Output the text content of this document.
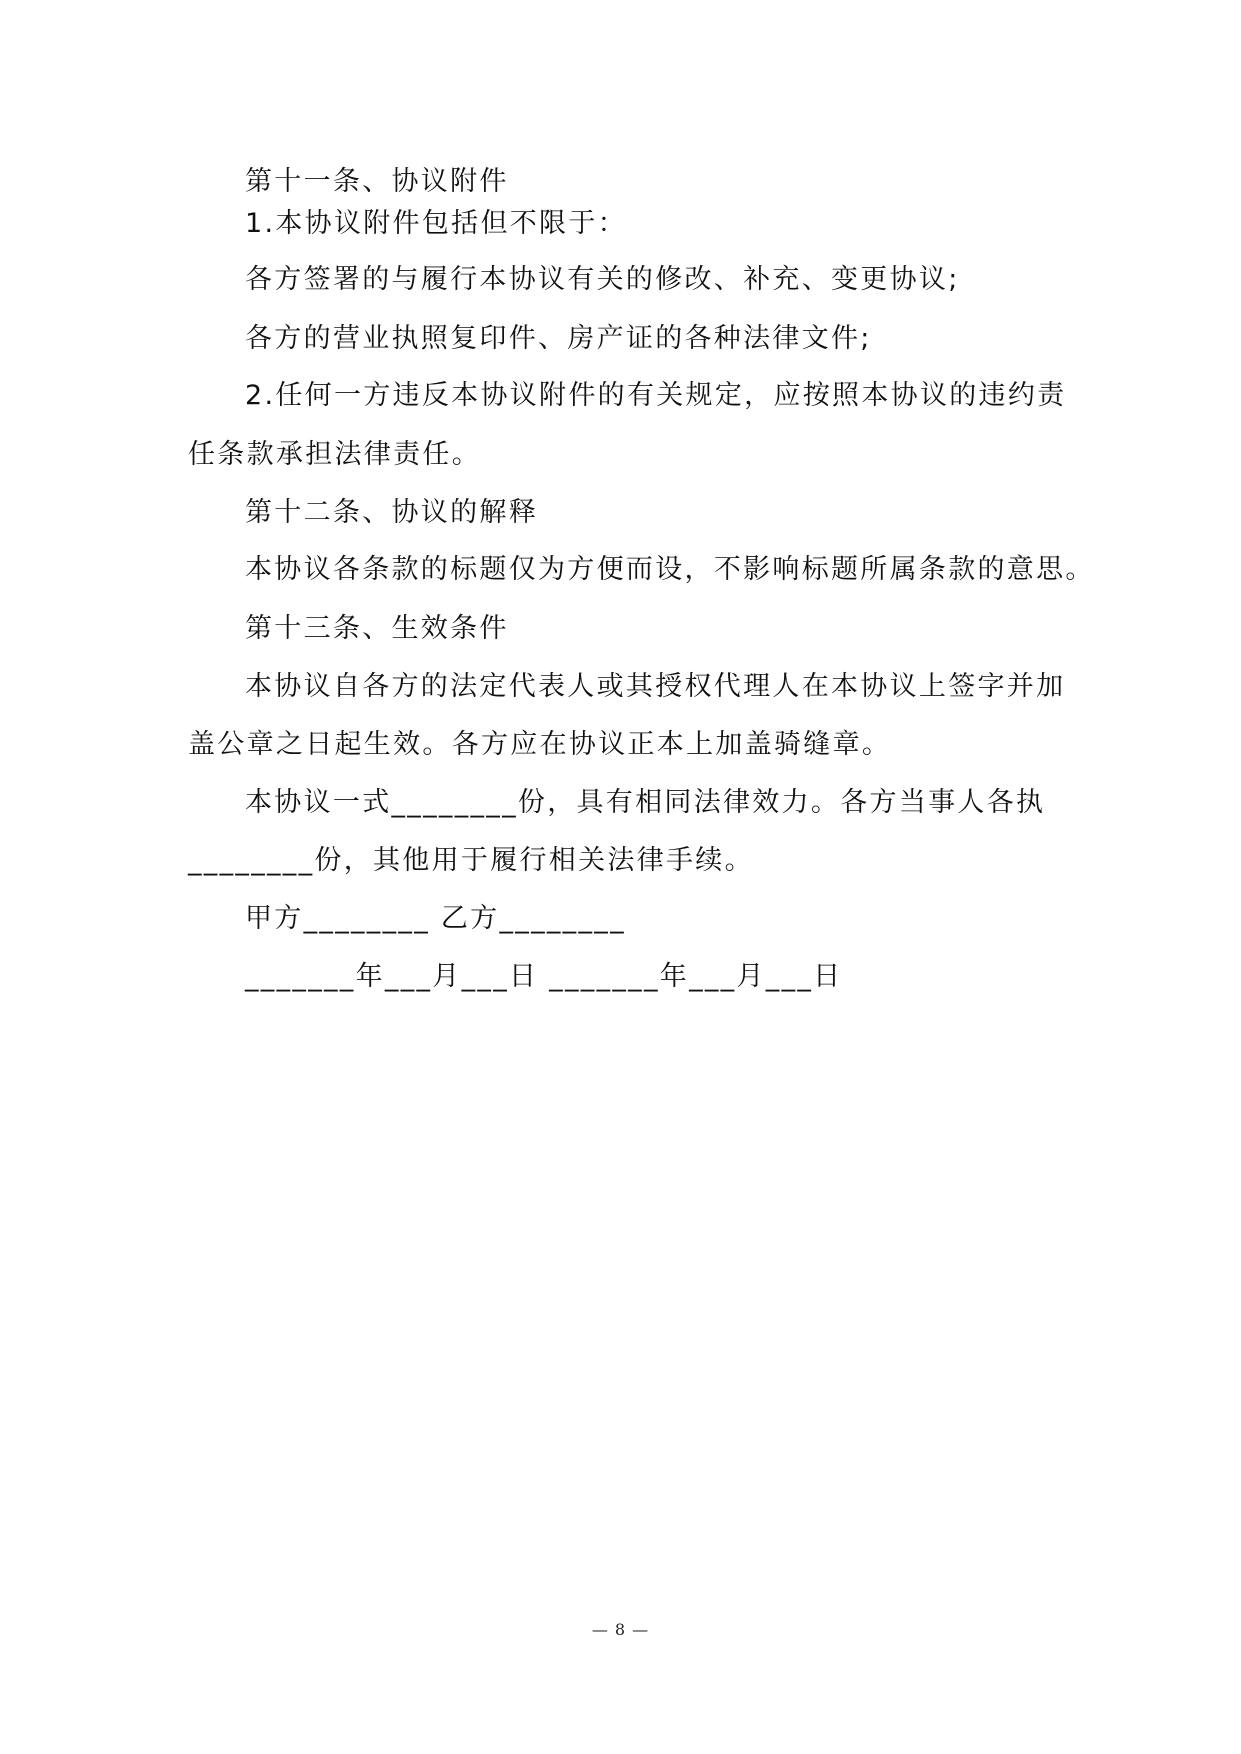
第十一条、协议附件
1.本协议附件包括但不限于：
各方签署的与履行本协议有关的修改、补充、变更协议;
各方的营业执照复印件、房产证的各种法律文件;
2.任何一方违反本协议附件的有关规定，应按照本协议的违约责
任条款承担法律责任。
第十二条、协议的解释
本协议各条款的标题仅为方便而设，不影响标题所属条款的意思。
第十三条、生效条件
本协议自各方的法定代表人或其授权代理人在本协议上签字并加
盖公章之日起生效。各方应在协议正本上加盖骑缝章。
本协议一式________份，具有相同法律效力。各方当事人各执
________份，其他用于履行相关法律手续。
甲方________ 乙方________
_______年___月___日 _______年___月___日
— 8 —
